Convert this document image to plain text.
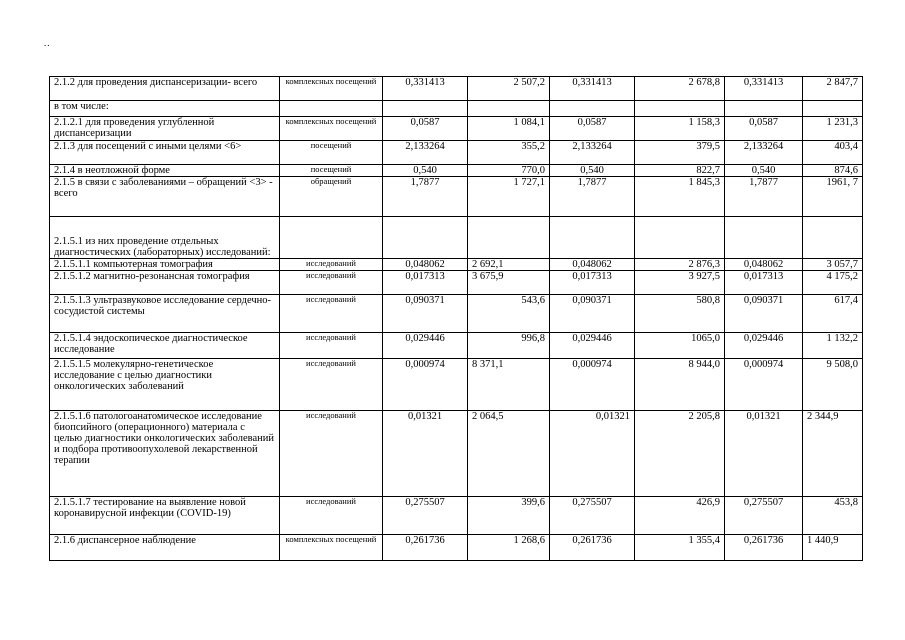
..
2.1.2 для проведения диспансеризации- всего	комплексных посещений	0,331413	2 507,2	0,331413	2 678,8	0,331413	2 847,7
в том числе:							
2.1.2.1 для проведения углубленной диспансеризации	комплексных посещений	0,0587	1 084,1	0,0587	1 158,3	0,0587	1 231,3
2.1.3 для посещений с иными целями <6>	посещений	2,133264	355,2	2,133264	379,5	2,133264	403,4
2.1.4 в неотложной форме	посещений	0,540	770,0	0,540	822,7	0,540	874,6
2.1.5 в связи с заболеваниями – обращений <3> - всего	обращений	1,7877	1 727,1	1,7877	1 845,3	1,7877	1961, 7
2.1.5.1 из них проведение отдельных диагностических (лабораторных) исследований:							
2.1.5.1.1 компьютерная томография	исследований	0,048062	2 692,1	0,048062	2 876,3	0,048062	3 057,7
2.1.5.1.2 магнитно-резонансная томография	исследований	0,017313	3 675,9	0,017313	3 927,5	0,017313	4 175,2
2.1.5.1.3 ультразвуковое исследование сердечно- сосудистой системы	исследований	0,090371	543,6	0,090371	580,8	0,090371	617,4
2.1.5.1.4 эндоскопическое диагностическое исследование	исследований	0,029446	996,8	0,029446	1065,0	0,029446	1 132,2
2.1.5.1.5 молекулярно-генетическое исследование с целью диагностики онкологических заболеваний	исследований	0,000974	8 371,1	0,000974	8 944,0	0,000974	9 508,0
2.1.5.1.6 патологоанатомическое исследование биопсийного (операционного) материала с целью диагностики онкологических заболеваний и подбора противоопухолевой лекарственной терапии	исследований	0,01321	2 064,5	0,01321	2 205,8	0,01321	2 344,9
2.1.5.1.7 тестирование на выявление новой коронавирусной инфекции (COVID-19)	исследований	0,275507	399,6	0,275507	426,9	0,275507	453,8
2.1.6 диспансерное наблюдение	комплексных посещений	0,261736	1 268,6	0,261736	1 355,4	0,261736	1 440,9
